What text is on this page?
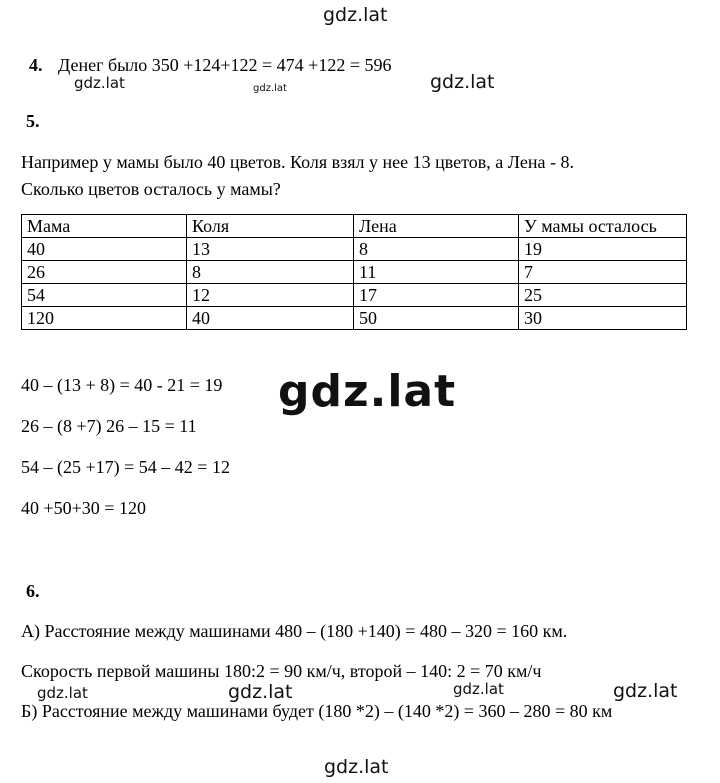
gdz.lat
gdz.lat	gdz.lat	gdz.lat
gdz.lat
gdz.lat	gdz.lat	gdz.lat	gdz.lat
gdz.lat
4. Денег было 350 +124+122 = 474 +122 = 596
5.
Например у мамы было 40 цветов. Коля взял у нее 13 цветов, а Лена - 8.
Сколько цветов осталось у мамы?
Мама	Коля	Лена	У мамы осталось
40	13	8	19
26	8	11	7
54	12	17	25
120	40	50	30
40 – (13 + 8) = 40 - 21 = 19
26 – (8 +7) 26 – 15 = 11
54 – (25 +17) = 54 – 42 = 12
40 +50+30 = 120
6.
А) Расстояние между машинами 480 – (180 +140) = 480 – 320 = 160 км.
Скорость первой машины 180:2 = 90 км/ч, второй – 140: 2 = 70 км/ч
Б) Расстояние между машинами будет (180 *2) – (140 *2) = 360 – 280 = 80 км
